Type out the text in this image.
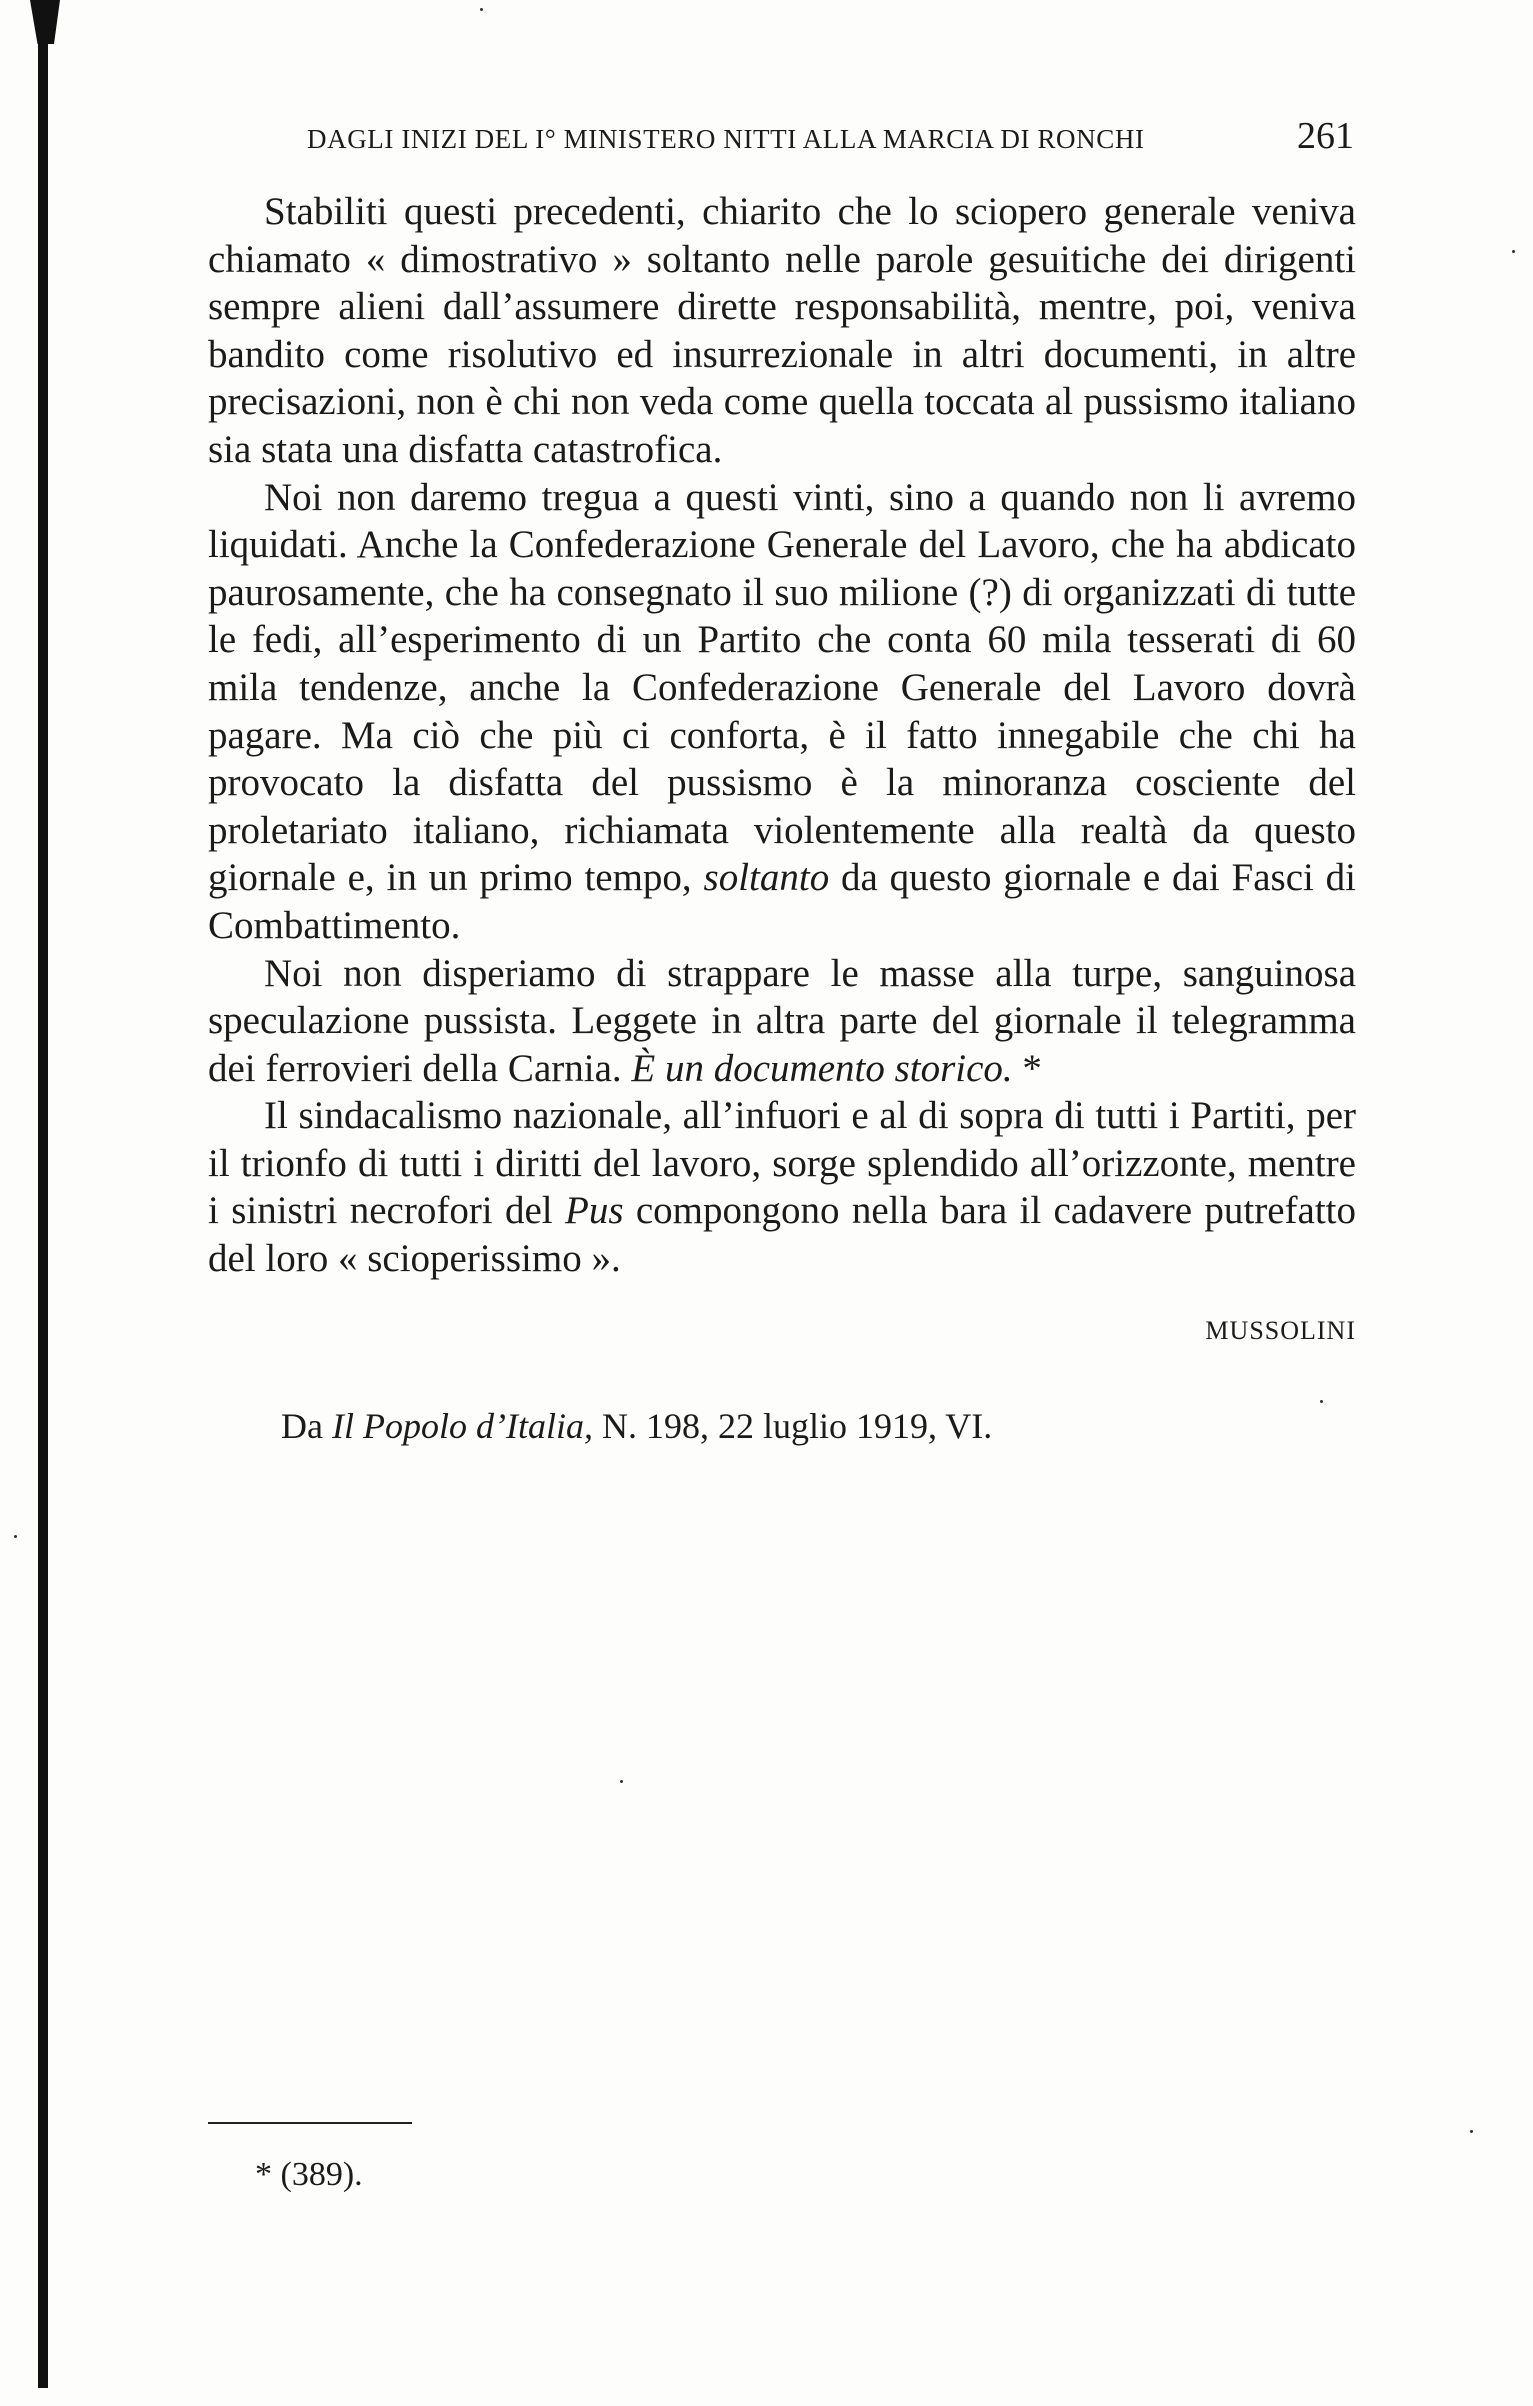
DAGLI INIZI DEL I° MINISTERO NITTI ALLA MARCIA DI RONCHI	261

Stabiliti questi precedenti, chiarito che lo sciopero generale veniva chiamato « dimostrativo » soltanto nelle parole gesuitiche dei dirigenti sempre alieni dall’assumere dirette responsabilità, mentre, poi, veniva bandito come risolutivo ed insurrezionale in altri documenti, in altre precisazioni, non è chi non veda come quella toccata al pussismo italiano sia stata una disfatta catastrofica.

Noi non daremo tregua a questi vinti, sino a quando non li avremo liquidati. Anche la Confederazione Generale del Lavoro, che ha abdicato paurosamente, che ha consegnato il suo milione (?) di organizzati di tutte le fedi, all’esperimento di un Partito che conta 60 mila tesserati di 60 mila tendenze, anche la Confederazione Generale del Lavoro dovrà pagare. Ma ciò che più ci conforta, è il fatto innegabile che chi ha provocato la disfatta del pussismo è la minoranza cosciente del proletariato italiano, richiamata violentemente alla realtà da questo giornale e, in un primo tempo, soltanto da questo giornale e dai Fasci di Combattimento.

Noi non disperiamo di strappare le masse alla turpe, sanguinosa speculazione pussista. Leggete in altra parte del giornale il telegramma dei ferrovieri della Carnia. È un documento storico. *

Il sindacalismo nazionale, all’infuori e al di sopra di tutti i Partiti, per il trionfo di tutti i diritti del lavoro, sorge splendido all’orizzonte, mentre i sinistri necrofori del Pus compongono nella bara il cadavere putrefatto del loro « scioperissimo ».

MUSSOLINI
Da Il Popolo d’Italia, N. 198, 22 luglio 1919, VI.
* (389).
